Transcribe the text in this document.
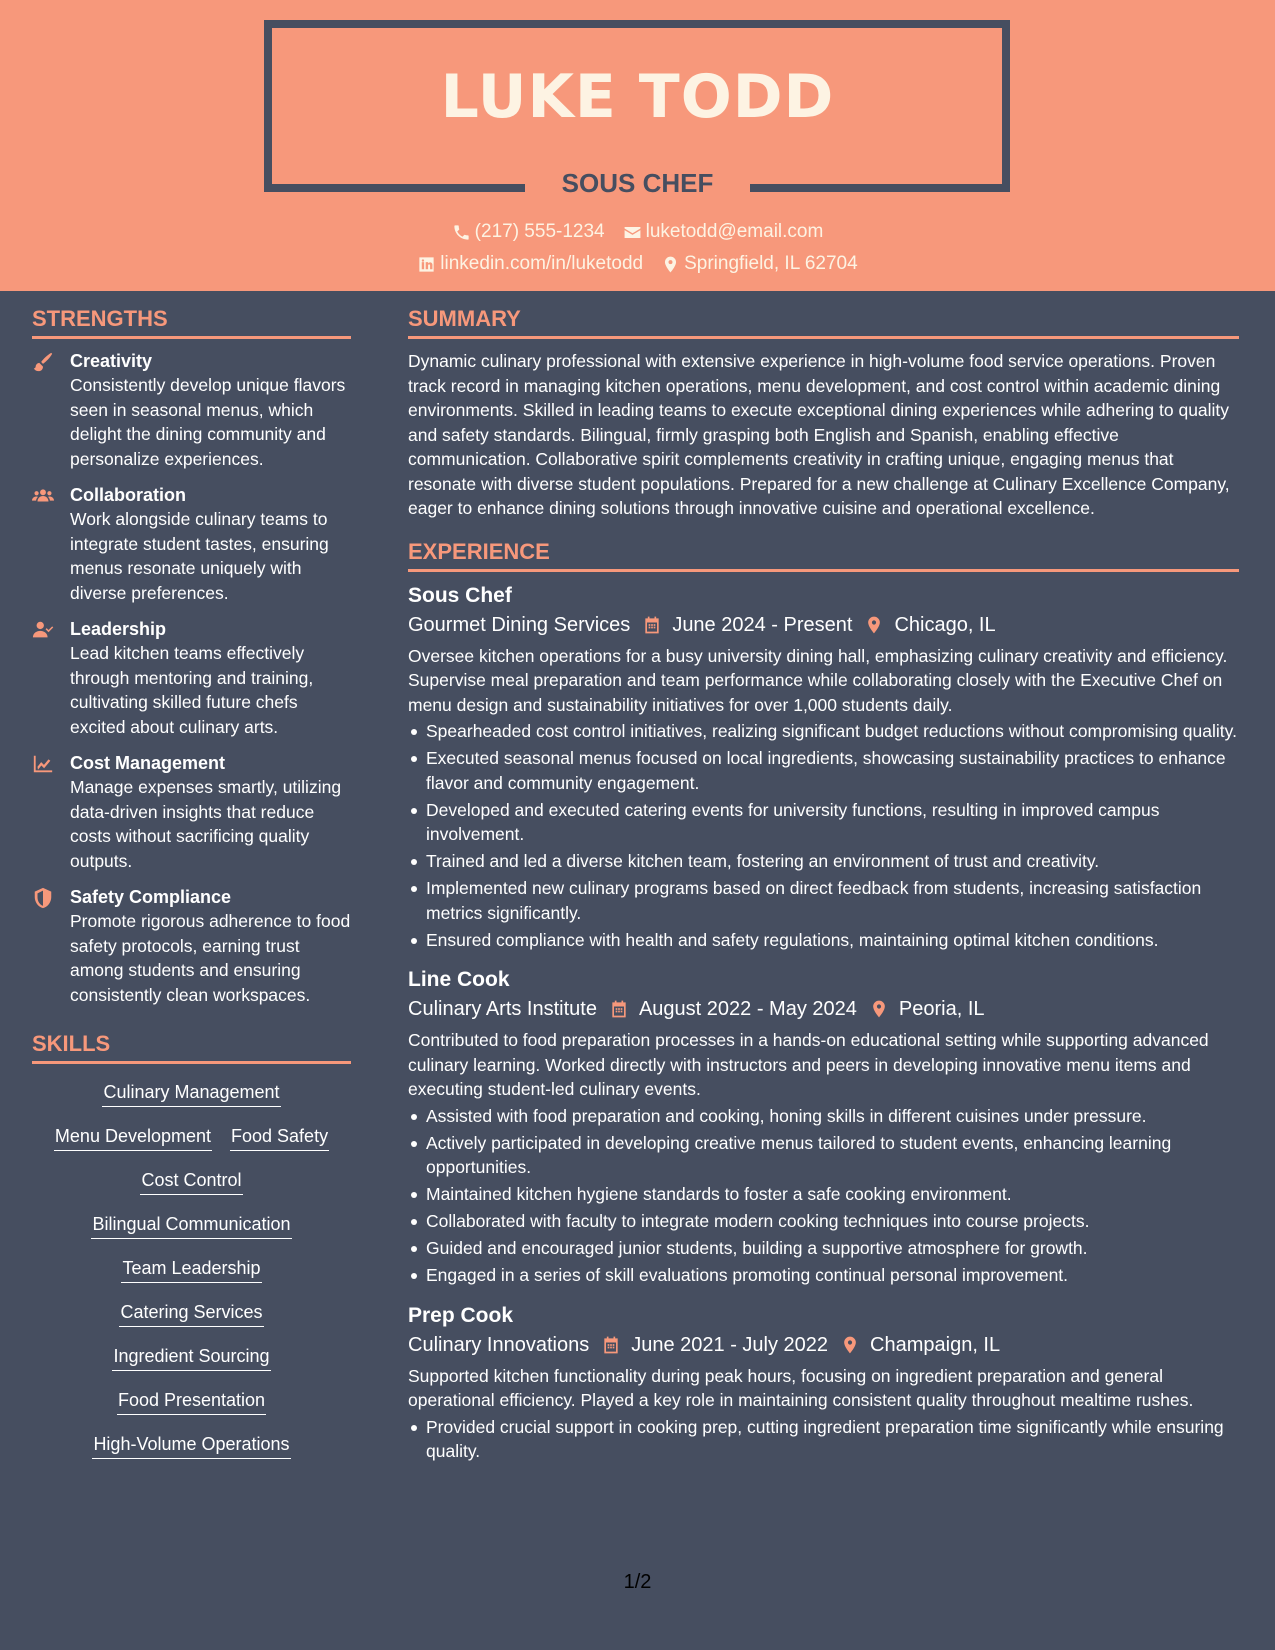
LUKE TODD
SOUS CHEF
(217) 555-1234 luketodd@email.com
linkedin.com/in/luketodd Springfield, IL 62704
STRENGTHS
Creativity
Consistently develop unique flavors seen in seasonal menus, which delight the dining community and personalize experiences.
Collaboration
Work alongside culinary teams to integrate student tastes, ensuring menus resonate uniquely with diverse preferences.
Leadership
Lead kitchen teams effectively through mentoring and training, cultivating skilled future chefs excited about culinary arts.
Cost Management
Manage expenses smartly, utilizing data-driven insights that reduce costs without sacrificing quality outputs.
Safety Compliance
Promote rigorous adherence to food safety protocols, earning trust among students and ensuring consistently clean workspaces.
SKILLS
Culinary Management
Menu Development Food Safety
Cost Control
Bilingual Communication
Team Leadership
Catering Services
Ingredient Sourcing
Food Presentation
High-Volume Operations
SUMMARY
Dynamic culinary professional with extensive experience in high-volume food service operations. Proven track record in managing kitchen operations, menu development, and cost control within academic dining environments. Skilled in leading teams to execute exceptional dining experiences while adhering to quality and safety standards. Bilingual, firmly grasping both English and Spanish, enabling effective communication. Collaborative spirit complements creativity in crafting unique, engaging menus that resonate with diverse student populations. Prepared for a new challenge at Culinary Excellence Company, eager to enhance dining solutions through innovative cuisine and operational excellence.
EXPERIENCE
Sous Chef
Gourmet Dining Services June 2024 - Present Chicago, IL
Oversee kitchen operations for a busy university dining hall, emphasizing culinary creativity and efficiency. Supervise meal preparation and team performance while collaborating closely with the Executive Chef on menu design and sustainability initiatives for over 1,000 students daily.
Spearheaded cost control initiatives, realizing significant budget reductions without compromising quality.
Executed seasonal menus focused on local ingredients, showcasing sustainability practices to enhance flavor and community engagement.
Developed and executed catering events for university functions, resulting in improved campus involvement.
Trained and led a diverse kitchen team, fostering an environment of trust and creativity.
Implemented new culinary programs based on direct feedback from students, increasing satisfaction metrics significantly.
Ensured compliance with health and safety regulations, maintaining optimal kitchen conditions.
Line Cook
Culinary Arts Institute August 2022 - May 2024 Peoria, IL
Contributed to food preparation processes in a hands-on educational setting while supporting advanced culinary learning. Worked directly with instructors and peers in developing innovative menu items and executing student-led culinary events.
Assisted with food preparation and cooking, honing skills in different cuisines under pressure.
Actively participated in developing creative menus tailored to student events, enhancing learning opportunities.
Maintained kitchen hygiene standards to foster a safe cooking environment.
Collaborated with faculty to integrate modern cooking techniques into course projects.
Guided and encouraged junior students, building a supportive atmosphere for growth.
Engaged in a series of skill evaluations promoting continual personal improvement.
Prep Cook
Culinary Innovations June 2021 - July 2022 Champaign, IL
Supported kitchen functionality during peak hours, focusing on ingredient preparation and general operational efficiency. Played a key role in maintaining consistent quality throughout mealtime rushes.
Provided crucial support in cooking prep, cutting ingredient preparation time significantly while ensuring quality.
1/2
